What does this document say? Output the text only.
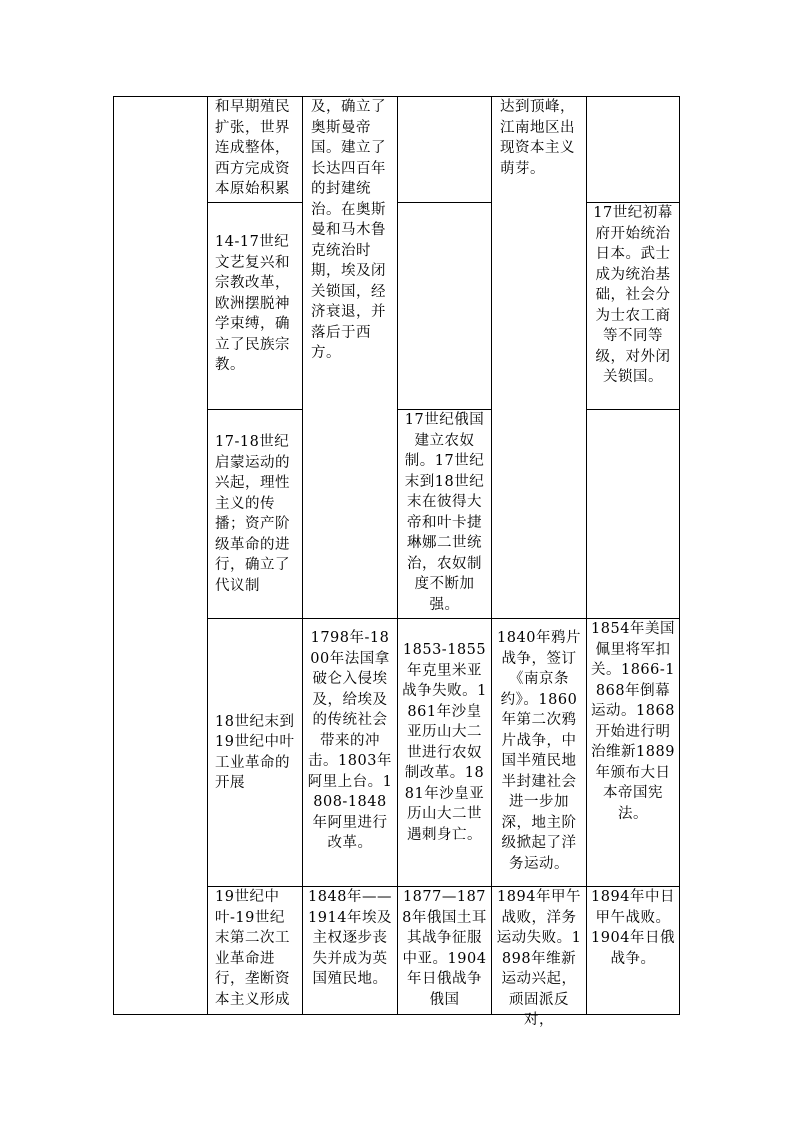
和早期殖民扩张，世界连成整体，西方完成资本原始积累
及，确立了奥斯曼帝国。建立了长达四百年的封建统治。在奥斯曼和马木鲁克统治时期，埃及闭关锁国，经济衰退，并落后于西方。
达到顶峰，江南地区出现资本主义萌芽。
14-17世纪文艺复兴和宗教改革，欧洲摆脱神学束缚，确立了民族宗教。
17世纪初幕府开始统治日本。武士成为统治基础，社会分为士农工商等不同等级，对外闭关锁国。
17-18世纪启蒙运动的兴起，理性主义的传播；资产阶级革命的进行，确立了代议制
17世纪俄国建立农奴制。17世纪末到18世纪末在彼得大帝和叶卡捷琳娜二世统治，农奴制度不断加强。
18世纪末到19世纪中叶工业革命的开展
1798年-1800年法国拿破仑入侵埃及，给埃及的传统社会带来的冲击。1803年阿里上台。1808-1848年阿里进行改革。
1853-1855年克里米亚战争失败。1861年沙皇亚历山大二世进行农奴制改革。1881年沙皇亚历山大二世遇刺身亡。
1840年鸦片战争，签订《南京条约》。1860年第二次鸦片战争，中国半殖民地半封建社会进一步加深，地主阶级掀起了洋务运动。
1854年美国佩里将军扣关。1866-1868年倒幕运动。1868开始进行明治维新1889年颁布大日本帝国宪法。
19世纪中叶-19世纪末第二次工业革命进行，垄断资本主义形成
1848年——1914年埃及主权逐步丧失并成为英国殖民地。
1877—1878年俄国土耳其战争征服中亚。1904年日俄战争俄国
1894年甲午战败，洋务运动失败。1898年维新运动兴起，顽固派反对，
1894年中日甲午战败。1904年日俄战争。
